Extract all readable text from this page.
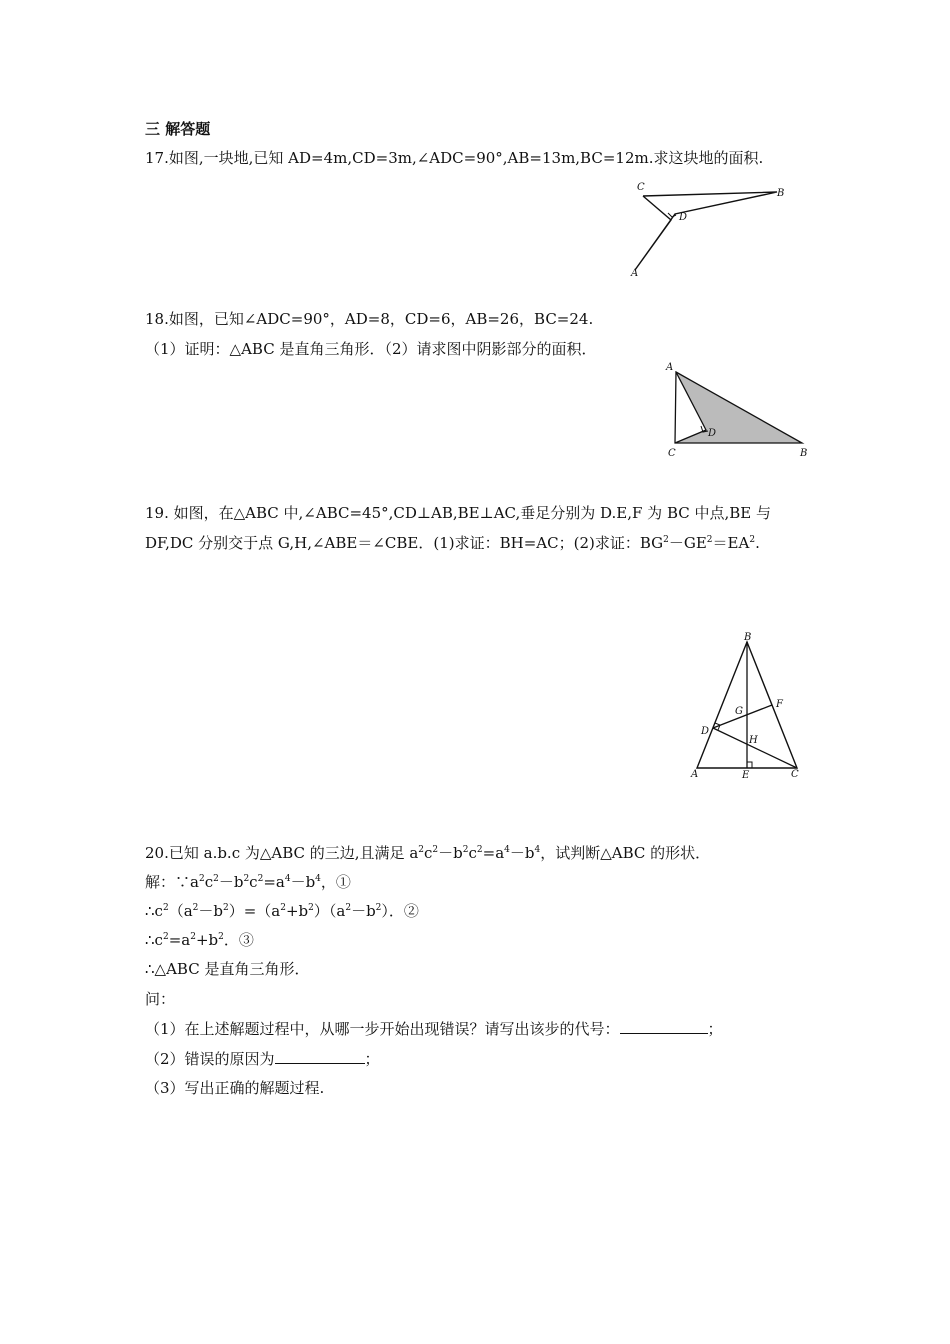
三 解答题
17.如图,一块地,已知 AD=4m,CD=3m,∠ADC=90°,AB=13m,BC=12m.求这块地的面积.
C
B
D
A
18.如图，已知∠ADC=90°，AD=8，CD=6，AB=26，BC=24.
（1）证明：△ABC 是直角三角形．（2）请求图中阴影部分的面积．
A
D
C	B
19. 如图，在△ABC 中,∠ABC=45°,CD⊥AB,BE⊥AC,垂足分别为 D.E,F 为 BC 中点,BE 与
DF,DC 分别交于点 G,H,∠ABE＝∠CBE．(1)求证：BH=AC；(2)求证：$BG^2-GE^2=EA^2$.
B
F
G
D
H
A	E	C
20.已知 a.b.c 为△ABC 的三边,且满足 $a^2c^2-b^2c^2=a^4-b^4$，试判断△ABC 的形状．
解：$\because a^2c^2-b^2c^2=a^4-b^4$，①
$\therefore c^2(a^2-b^2)=(a^2+b^2)(a^2-b^2)$．②
$\therefore c^2=a^2+b^2$．③
∴△ABC 是直角三角形．
问：
（1）在上述解题过程中，从哪一步开始出现错误？请写出该步的代号：	；
（2）错误的原因为	；
（3）写出正确的解题过程.
